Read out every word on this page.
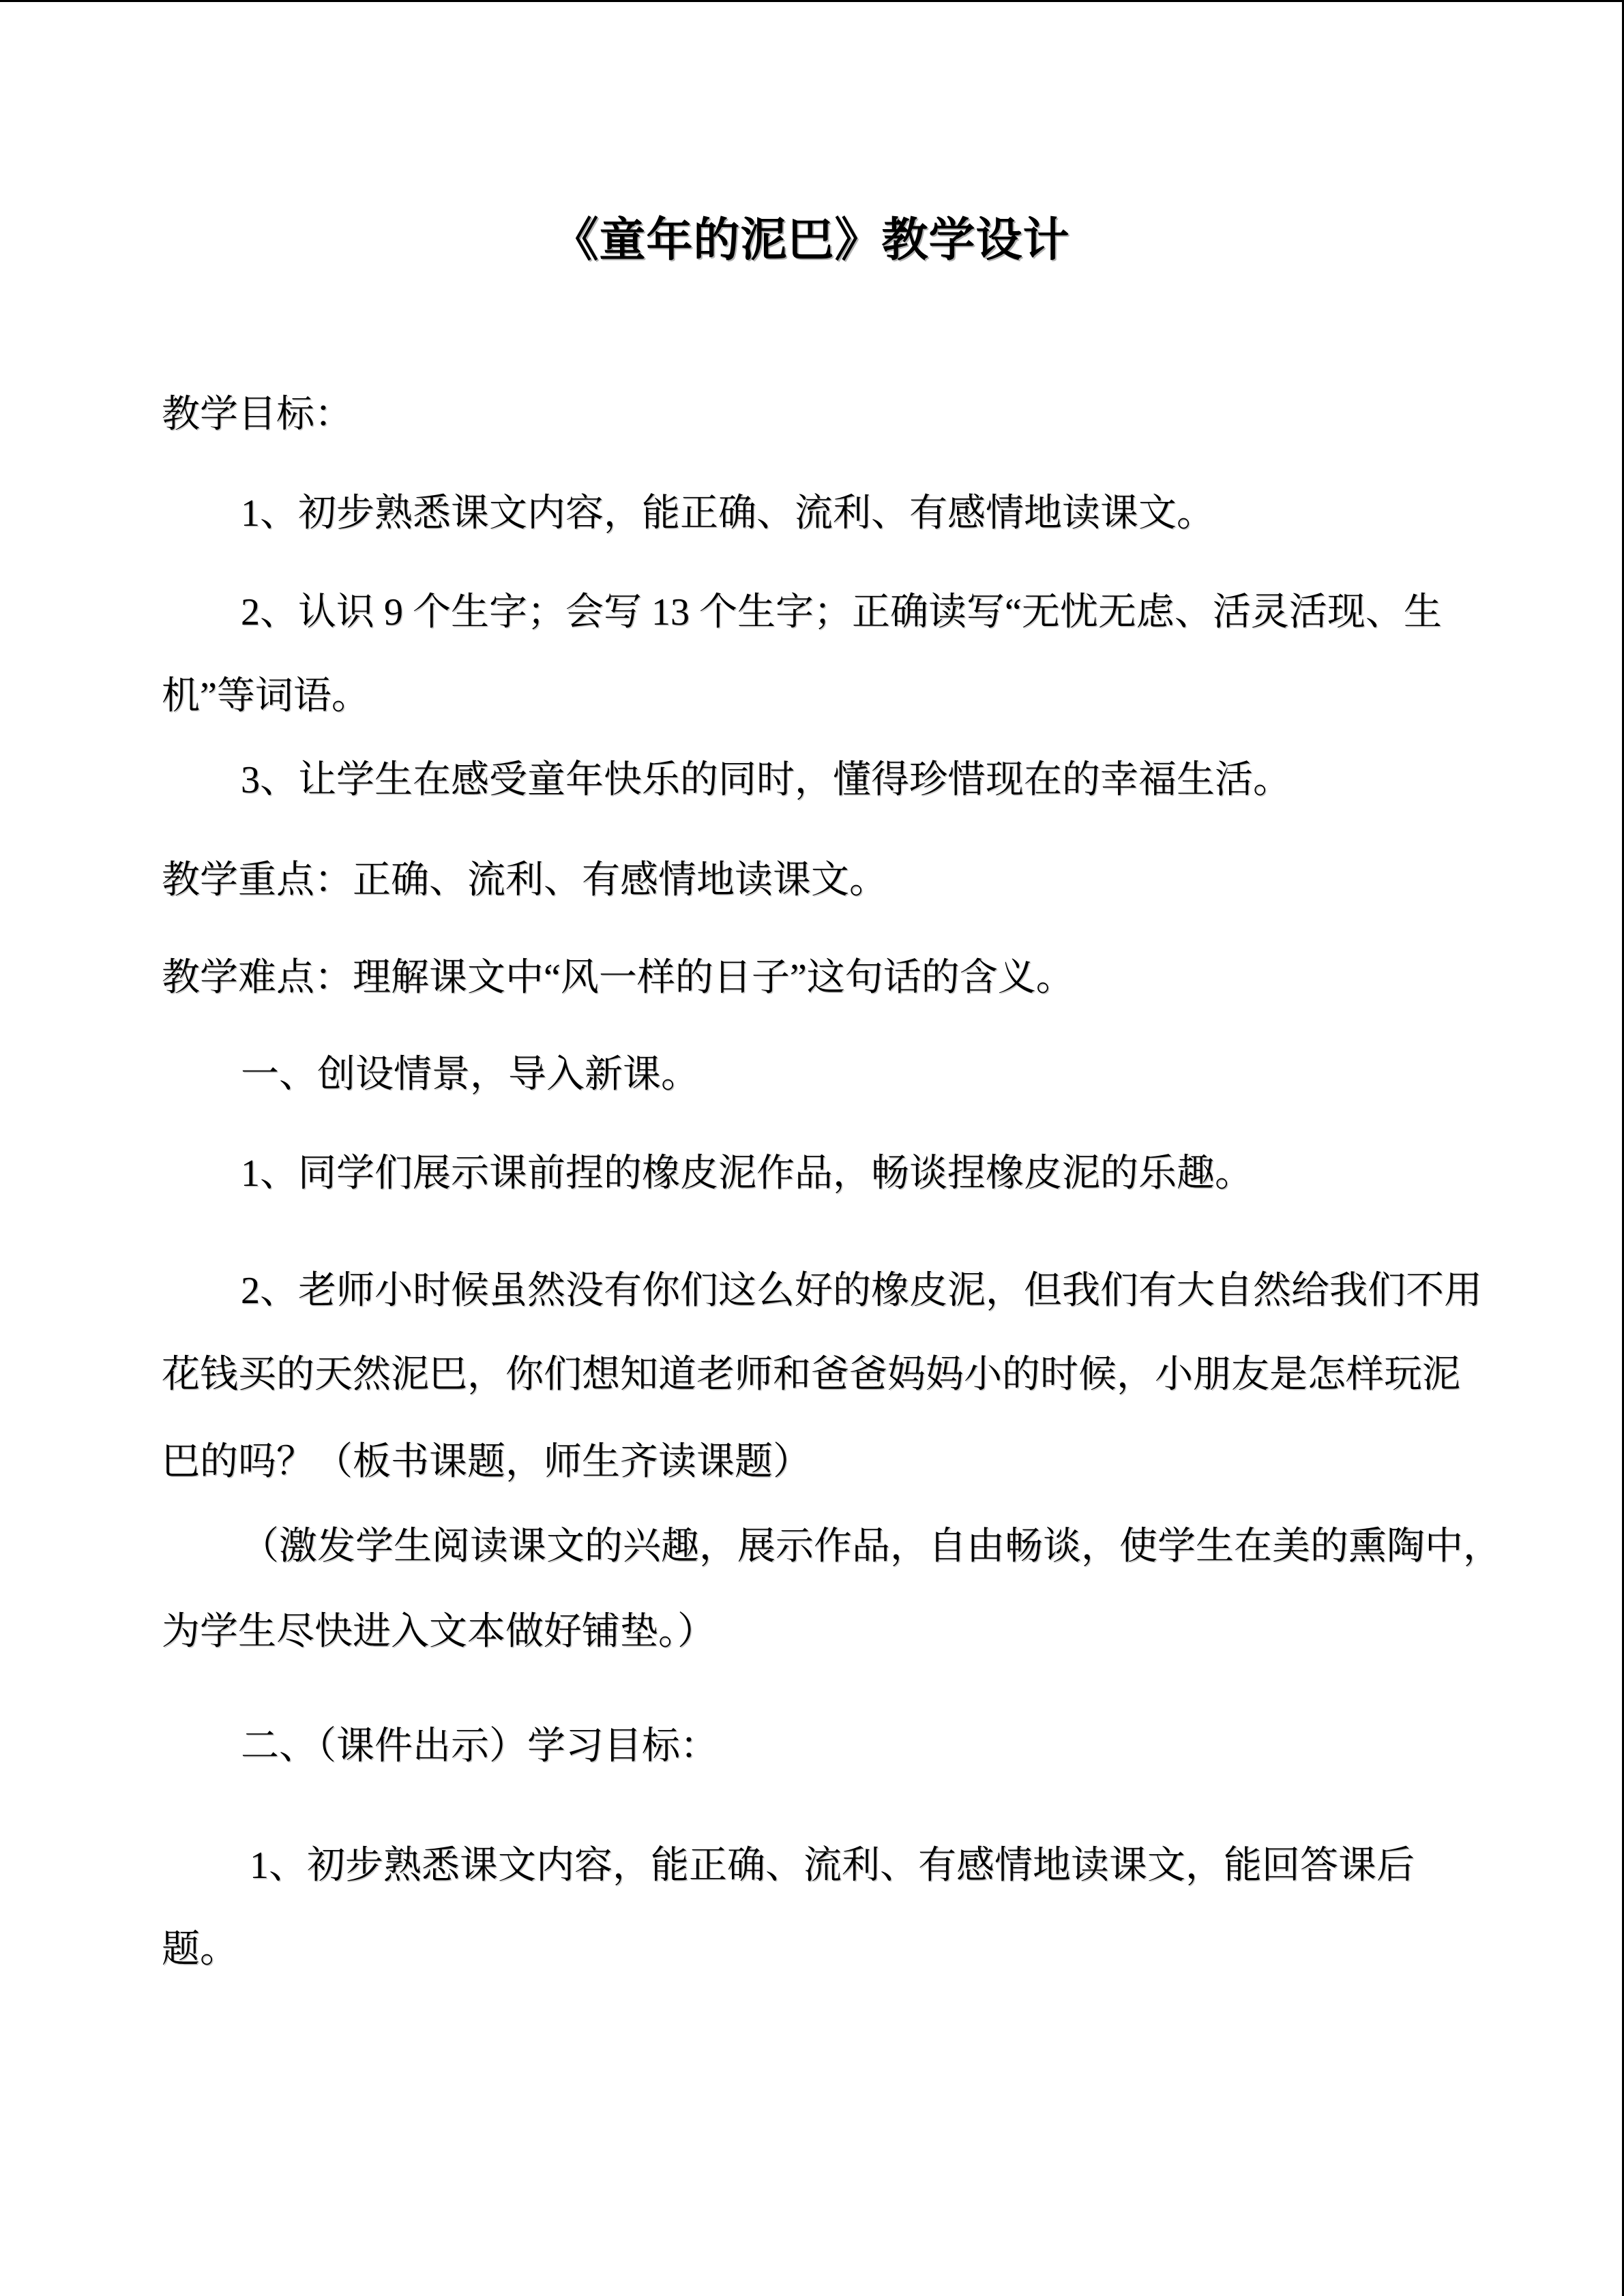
《童年的泥巴》教学设计
教学目标：
1、初步熟悉课文内容，能正确、流利、有感情地读课文。
2、认识 9 个生字；会写 13 个生字；正确读写“无忧无虑、活灵活现、生
机”等词语。
3、让学生在感受童年快乐的同时，懂得珍惜现在的幸福生活。
教学重点：正确、流利、有感情地读课文。
教学难点：理解课文中“风一样的日子”这句话的含义。
一、创设情景，导入新课。
1、同学们展示课前捏的橡皮泥作品，畅谈捏橡皮泥的乐趣。
2、老师小时候虽然没有你们这么好的橡皮泥，但我们有大自然给我们不用
花钱买的天然泥巴，你们想知道老师和爸爸妈妈小的时候，小朋友是怎样玩泥
巴的吗？（板书课题，师生齐读课题）
（激发学生阅读课文的兴趣，展示作品，自由畅谈，使学生在美的熏陶中，
为学生尽快进入文本做好铺垫。）
二、（课件出示）学习目标：
1、初步熟悉课文内容，能正确、流利、有感情地读课文，能回答课后
题。
